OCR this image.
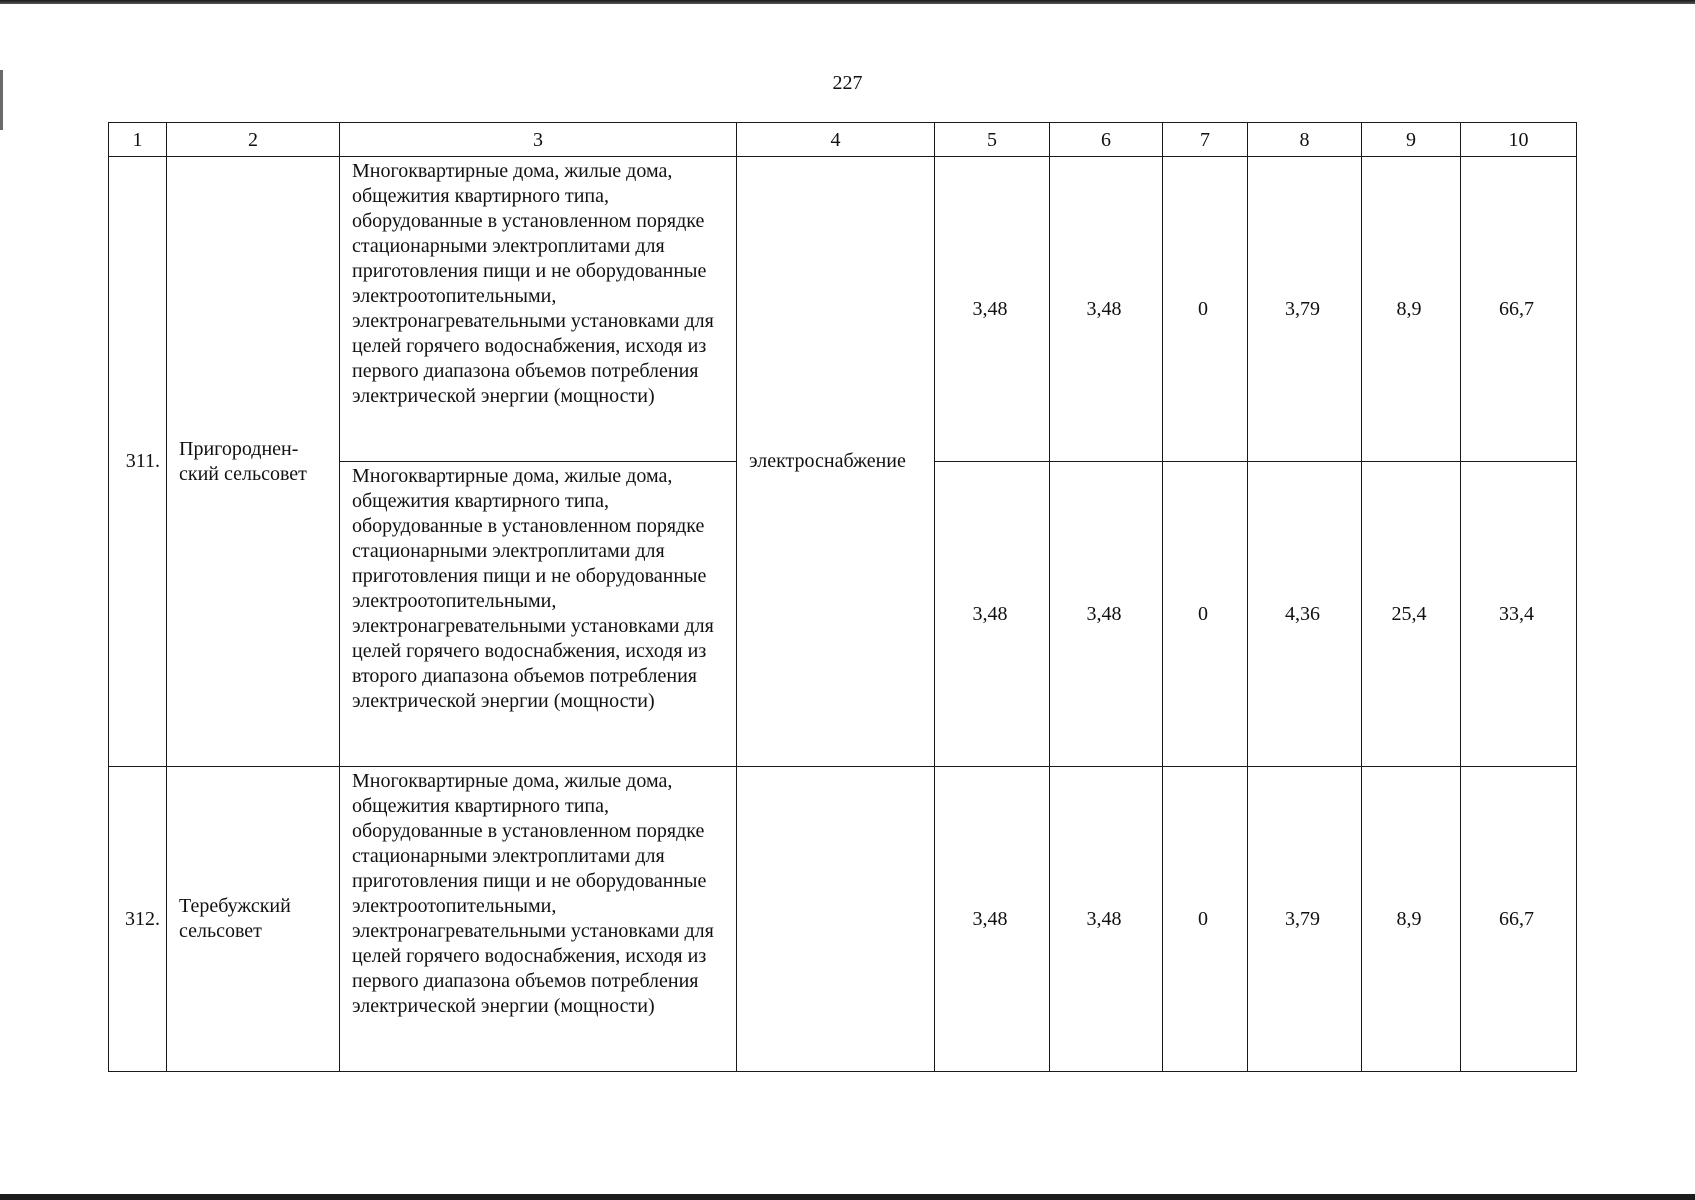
227
1	2	3	4	5	6	7	8	9	10
311.	Пригороднен-ский сельсовет	Многоквартирные дома, жилые дома, общежития квартирного типа, оборудованные в установленном порядке стационарными электроплитами для приготовления пищи и не оборудованные электроотопительными, электронагревательными установками для целей горячего водоснабжения, исходя из первого диапазона объемов потребления электрической энергии (мощности)	электроснабжение	3,48	3,48	0	3,79	8,9	66,7
		Многоквартирные дома, жилые дома, общежития квартирного типа, оборудованные в установленном порядке стационарными электроплитами для приготовления пищи и не оборудованные электроотопительными, электронагревательными установками для целей горячего водоснабжения, исходя из второго диапазона объемов потребления электрической энергии (мощности)		3,48	3,48	0	4,36	25,4	33,4
312.	Теребужский сельсовет	Многоквартирные дома, жилые дома, общежития квартирного типа, оборудованные в установленном порядке стационарными электроплитами для приготовления пищи и не оборудованные электроотопительными, электронагревательными установками для целей горячего водоснабжения, исходя из первого диапазона объемов потребления электрической энергии (мощности)		3,48	3,48	0	3,79	8,9	66,7
